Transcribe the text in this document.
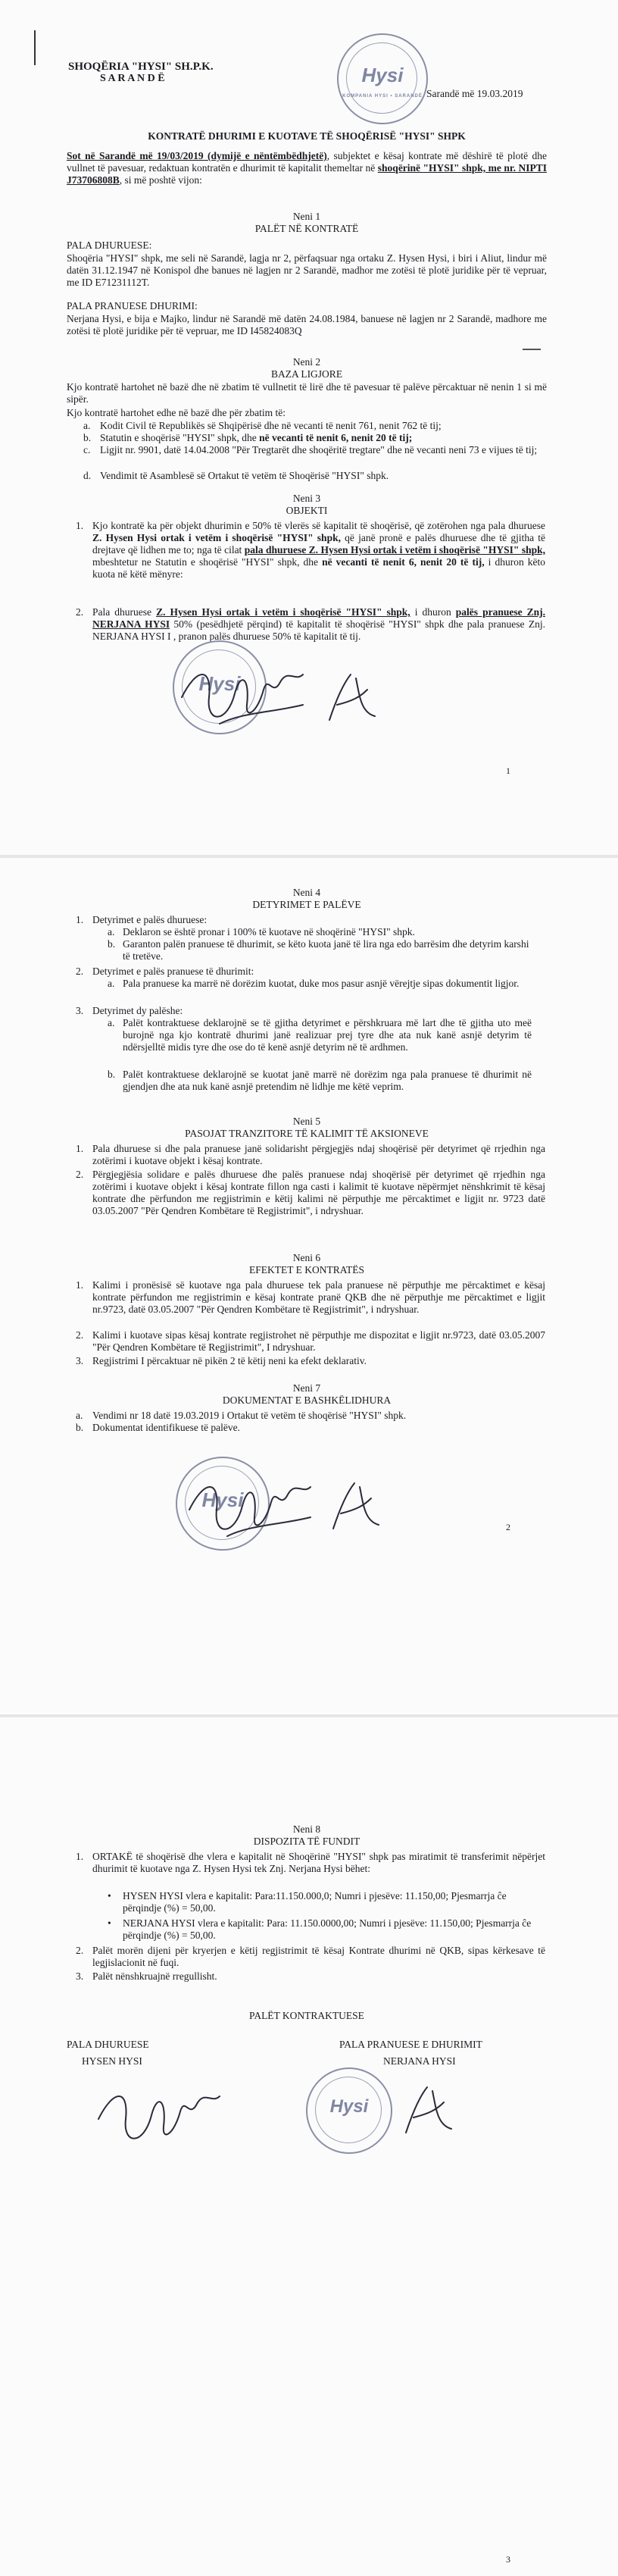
SHOQËRIA "HYSI" SH.P.K.
S A R A N D Ë	Hysi
KOMPANIA HYSI • SARANDË Sarandë më 19.03.2019
KONTRATË DHURIMI E KUOTAVE TË SHOQËRISË "HYSI" SHPK
Sot në Sarandë më 19/03/2019 (dymijë e nëntëmbëdhjetë), subjektet e kësaj kontrate më dëshirë të plotë dhe vullnet të pavesuar, redaktuan kontratën e dhurimit të kapitalit themeltar në shoqërinë "HYSI" shpk, me nr. NIPTI J73706808B, si më poshtë vijon:
Neni 1
PALËT NË KONTRATË
PALA DHURUESE:
Shoqëria "HYSI" shpk, me seli në Sarandë, lagja nr 2, përfaqsuar nga ortaku Z. Hysen Hysi, i biri i Aliut, lindur më datën 31.12.1947 në Konispol dhe banues në lagjen nr 2 Sarandë, madhor me zotësi të plotë juridike për të vepruar, me ID E71231112T.
PALA PRANUESE DHURIMI:
Nerjana Hysi, e bija e Majko, lindur në Sarandë më datën 24.08.1984, banuese në lagjen nr 2 Sarandë, madhore me zotësi të plotë juridike për të vepruar, me ID I45824083Q
Neni 2
BAZA LIGJORE
Kjo kontratë hartohet në bazë dhe në zbatim të vullnetit të lirë dhe të pavesuar të palëve përcaktuar në nenin 1 si më sipër.
Kjo kontratë hartohet edhe në bazë dhe për zbatim të:
a. Kodit Civil të Republikës së Shqipërisë dhe në vecanti të nenit 761, nenit 762 të tij;
b. Statutin e shoqërisë "HYSI" shpk, dhe në vecanti të nenit 6, nenit 20 të tij;
c. Ligjit nr. 9901, datë 14.04.2008 "Për Tregtarët dhe shoqëritë tregtare" dhe në vecanti neni 73 e vijues të tij;
d. Vendimit të Asamblesë së Ortakut të vetëm të Shoqërisë "HYSI" shpk.
Neni 3
OBJEKTI
1. Kjo kontratë ka për objekt dhurimin e 50% të vlerës së kapitalit të shoqërisë, që zotërohen nga pala dhuruese Z. Hysen Hysi ortak i vetëm i shoqërisë "HYSI" shpk, që janë pronë e palës dhuruese dhe të gjitha të drejtave që lidhen me to; nga të cilat pala dhuruese Z. Hysen Hysi ortak i vetëm i shoqërisë "HYSI" shpk, mbeshtetur ne Statutin e shoqërisë "HYSI" shpk, dhe në vecanti të nenit 6, nenit 20 të tij, i dhuron këto kuota në këtë mënyre:
2. Pala dhuruese Z. Hysen Hysi ortak i vetëm i shoqërisë "HYSI" shpk, i dhuron palës pranuese Znj. NERJANA HYSI 50% (pesëdhjetë përqind) të kapitalit të shoqërisë "HYSI" shpk dhe pala pranuese Znj. NERJANA HYSI I , pranon palës dhuruese 50% të kapitalit të tij.
Hysi
1
Neni 4
DETYRIMET E PALËVE
1. Detyrimet e palës dhuruese:
a. Deklaron se është pronar i 100% të kuotave në shoqërinë "HYSI" shpk.
b. Garanton palën pranuese të dhurimit, se këto kuota janë të lira nga edo barrësim dhe detyrim karshi të tretëve.
2. Detyrimet e palës pranuese të dhurimit:
a. Pala pranuese ka marrë në dorëzim kuotat, duke mos pasur asnjë vërejtje sipas dokumentit ligjor.
3. Detyrimet dy palëshe:
a. Palët kontraktuese deklarojnë se të gjitha detyrimet e përshkruara më lart dhe të gjitha uto meë burojnë nga kjo kontratë dhurimi janë realizuar prej tyre dhe ata nuk kanë asnjë detyrim të ndërsjelltë midis tyre dhe ose do të kenë asnjë detyrim në të ardhmen.
b. Palët kontraktuese deklarojnë se kuotat janë marrë në dorëzim nga pala pranuese të dhurimit në gjendjen dhe ata nuk kanë asnjë pretendim në lidhje me këtë veprim.
Neni 5
PASOJAT TRANZITORE TË KALIMIT TË AKSIONEVE
1. Pala dhuruese si dhe pala pranuese janë solidarisht përgjegjës ndaj shoqërisë për detyrimet që rrjedhin nga zotërimi i kuotave objekt i kësaj kontrate.
2. Përgjegjësia solidare e palës dhuruese dhe palës pranuese ndaj shoqërisë për detyrimet që rrjedhin nga zotërimi i kuotave objekt i kësaj kontrate fillon nga casti i kalimit të kuotave nëpërmjet nënshkrimit të kësaj kontrate dhe përfundon me regjistrimin e këtij kalimi në përputhje me përcaktimet e ligjit nr. 9723 datë 03.05.2007 "Për Qendren Kombëtare të Regjistrimit", i ndryshuar.
Neni 6
EFEKTET E KONTRATËS
1. Kalimi i pronësisë së kuotave nga pala dhuruese tek pala pranuese në përputhje me përcaktimet e kësaj kontrate përfundon me regjistrimin e kësaj kontrate pranë QKB dhe në përputhje me përcaktimet e ligjit nr.9723, datë 03.05.2007 "Për Qendren Kombëtare të Regjistrimit", i ndryshuar.
2. Kalimi i kuotave sipas kësaj kontrate regjistrohet në përputhje me dispozitat e ligjit nr.9723, datë 03.05.2007 "Për Qendren Kombëtare të Regjistrimit", I ndryshuar.
3. Regjistrimi I përcaktuar në pikën 2 të këtij neni ka efekt deklarativ.
Neni 7
DOKUMENTAT E BASHKËLIDHURA
a. Vendimi nr 18 datë 19.03.2019 i Ortakut të vetëm të shoqërisë "HYSI" shpk.
b. Dokumentat identifikuese të palëve.
Hysi
2
Neni 8
DISPOZITA TË FUNDIT
1. ORTAKË të shoqërisë dhe vlera e kapitalit në Shoqërinë "HYSI" shpk pas miratimit të transferimit nëpërjet dhurimit të kuotave nga Z. Hysen Hysi tek Znj. Nerjana Hysi bëhet:
•	HYSEN HYSI vlera e kapitalit: Para:11.150.000,0; Numri i pjesëve: 11.150,00; Pjesmarrja ĉe përqindje (%) = 50,00.
•	NERJANA HYSI vlera e kapitalit: Para: 11.150.0000,00; Numri i pjesëve: 11.150,00; Pjesmarrja ĉe përqindje (%) = 50,00.
2. Palët morën dijeni për kryerjen e këtij regjistrimit të kësaj Kontrate dhurimi në QKB, sipas kërkesave të legjislacionit në fuqi.
3. Palët nënshkruajnë rregullisht.
PALËT KONTRAKTUESE
PALA DHURUESE
HYSEN HYSI
PALA PRANUESE E DHURIMIT
NERJANA HYSI
Hysi
3
